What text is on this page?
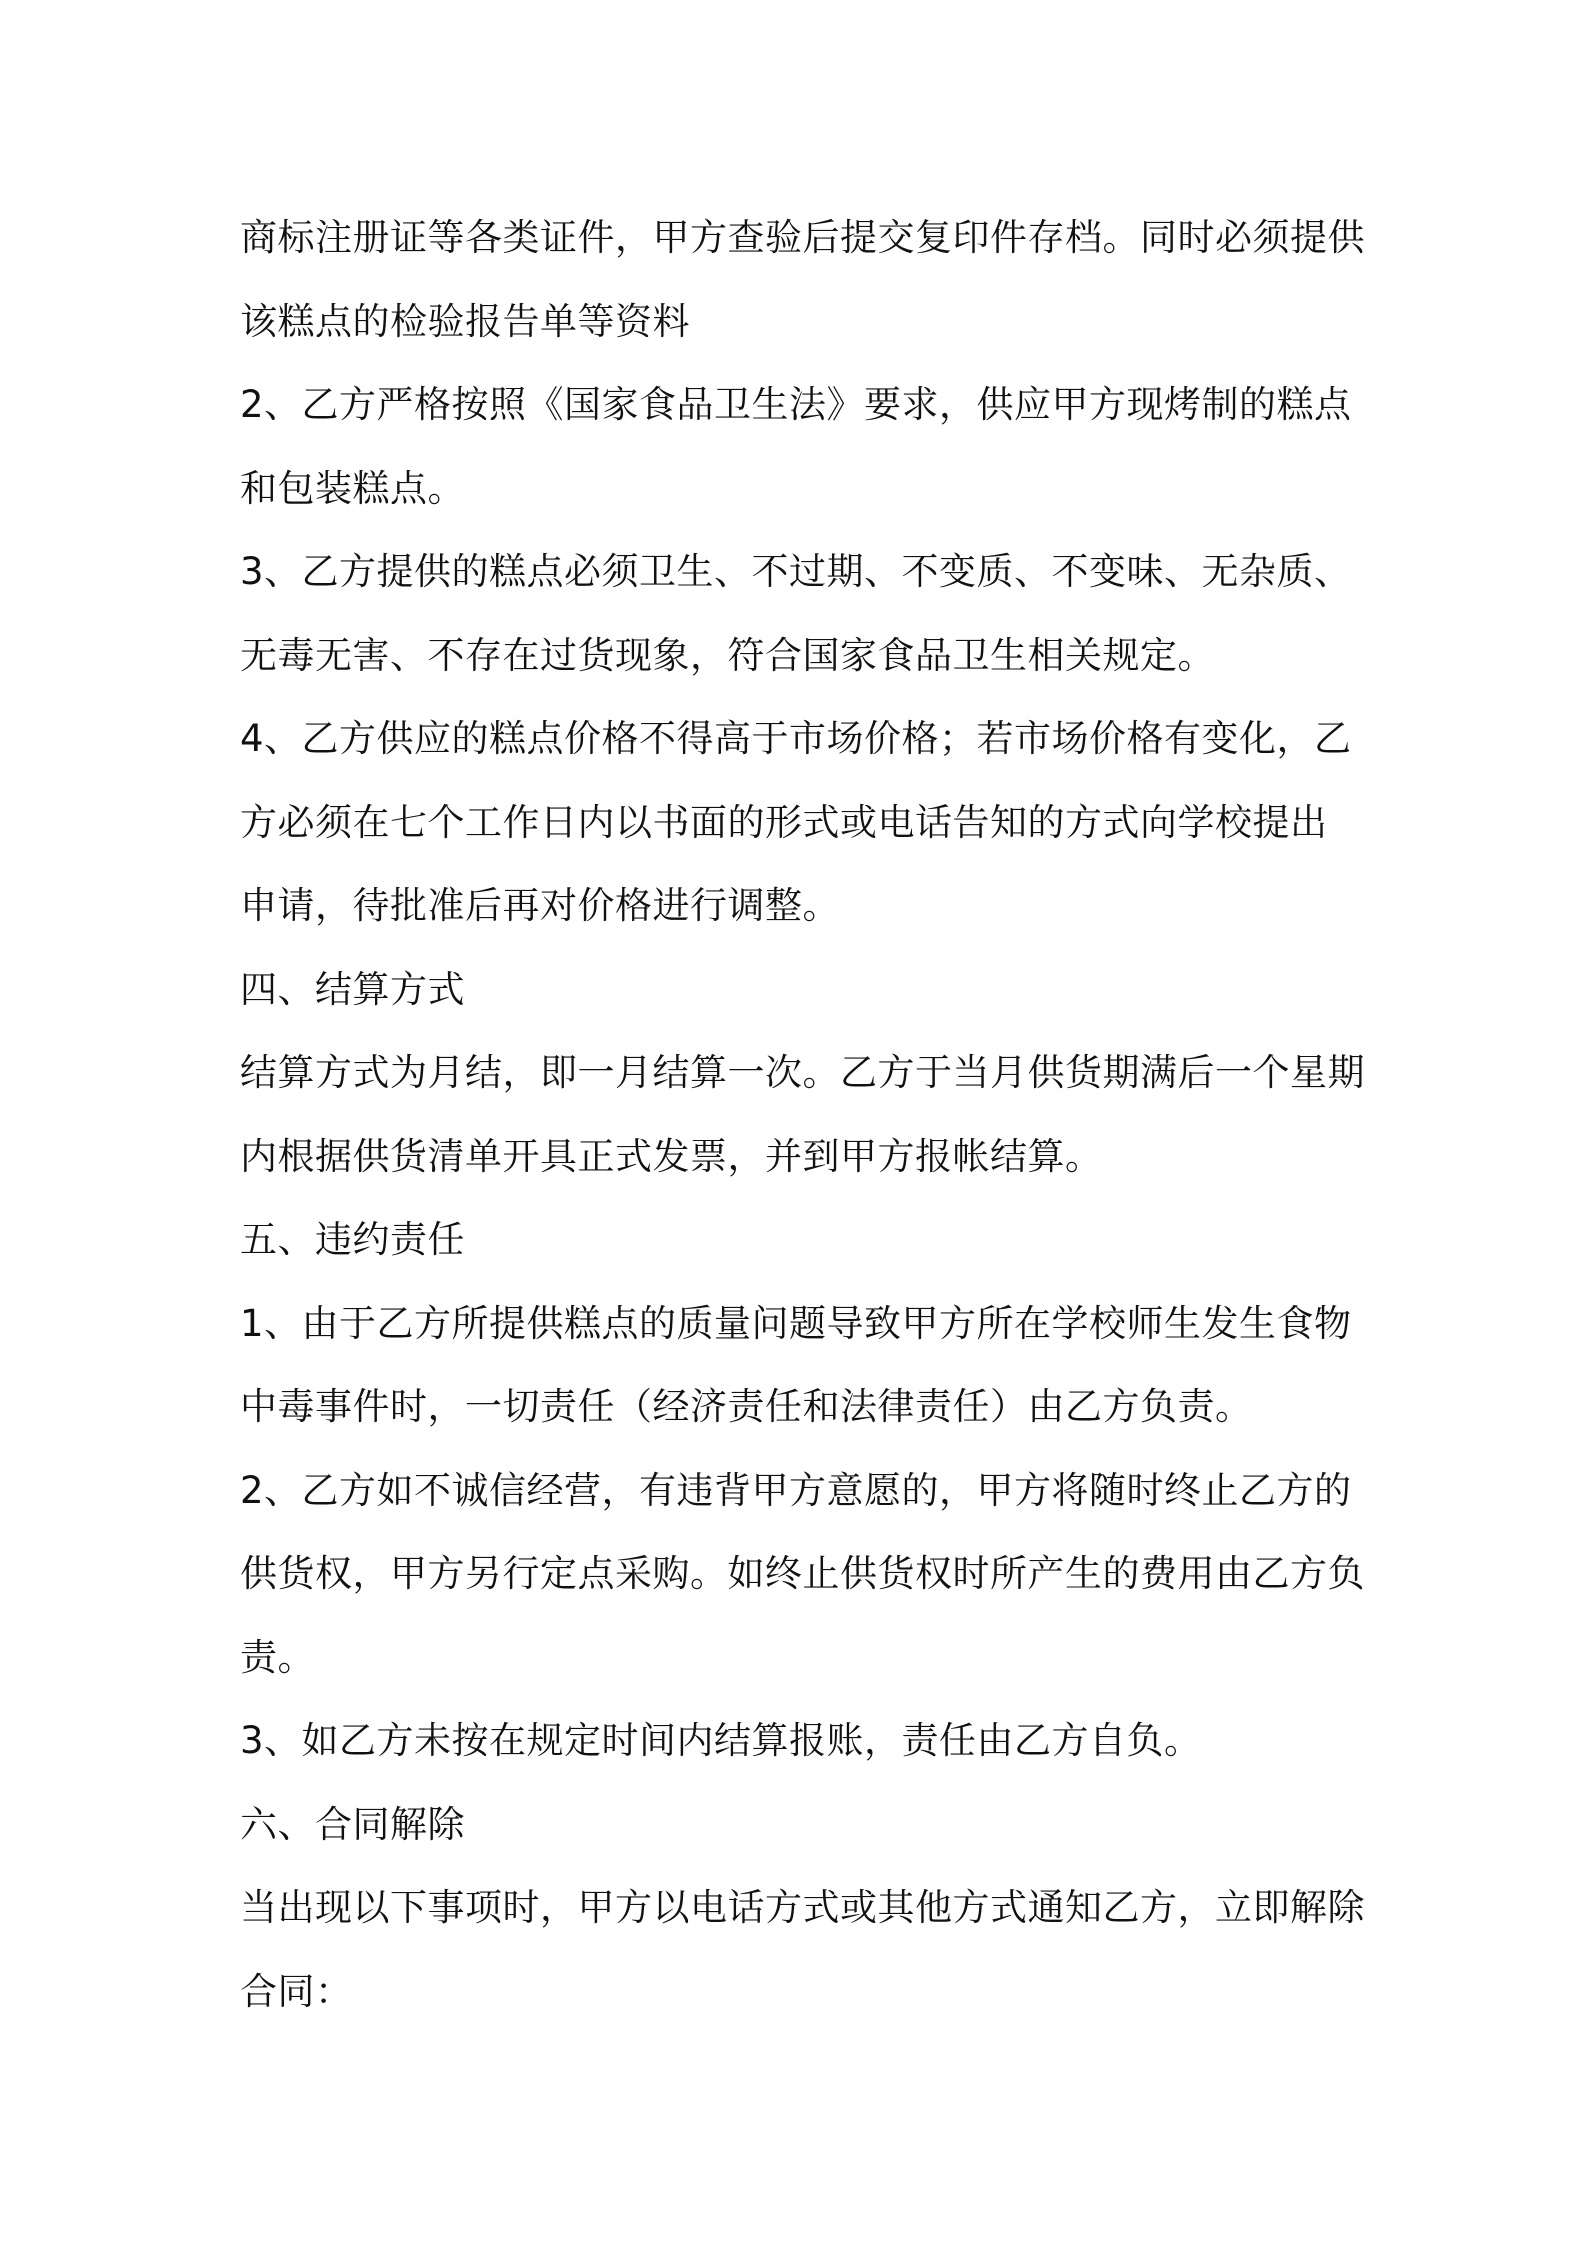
商标注册证等各类证件，甲方查验后提交复印件存档。同时必须提供
该糕点的检验报告单等资料
2、乙方严格按照《国家食品卫生法》要求，供应甲方现烤制的糕点
和包装糕点。
3、乙方提供的糕点必须卫生、不过期、不变质、不变味、无杂质、
无毒无害、不存在过货现象，符合国家食品卫生相关规定。
4、乙方供应的糕点价格不得高于市场价格；若市场价格有变化，乙
方必须在七个工作日内以书面的形式或电话告知的方式向学校提出
申请，待批准后再对价格进行调整。
四、结算方式
结算方式为月结，即一月结算一次。乙方于当月供货期满后一个星期
内根据供货清单开具正式发票，并到甲方报帐结算。
五、违约责任
1、由于乙方所提供糕点的质量问题导致甲方所在学校师生发生食物
中毒事件时，一切责任（经济责任和法律责任）由乙方负责。
2、乙方如不诚信经营，有违背甲方意愿的，甲方将随时终止乙方的
供货权，甲方另行定点采购。如终止供货权时所产生的费用由乙方负
责。
3、如乙方未按在规定时间内结算报账，责任由乙方自负。
六、合同解除
当出现以下事项时，甲方以电话方式或其他方式通知乙方，立即解除
合同：
